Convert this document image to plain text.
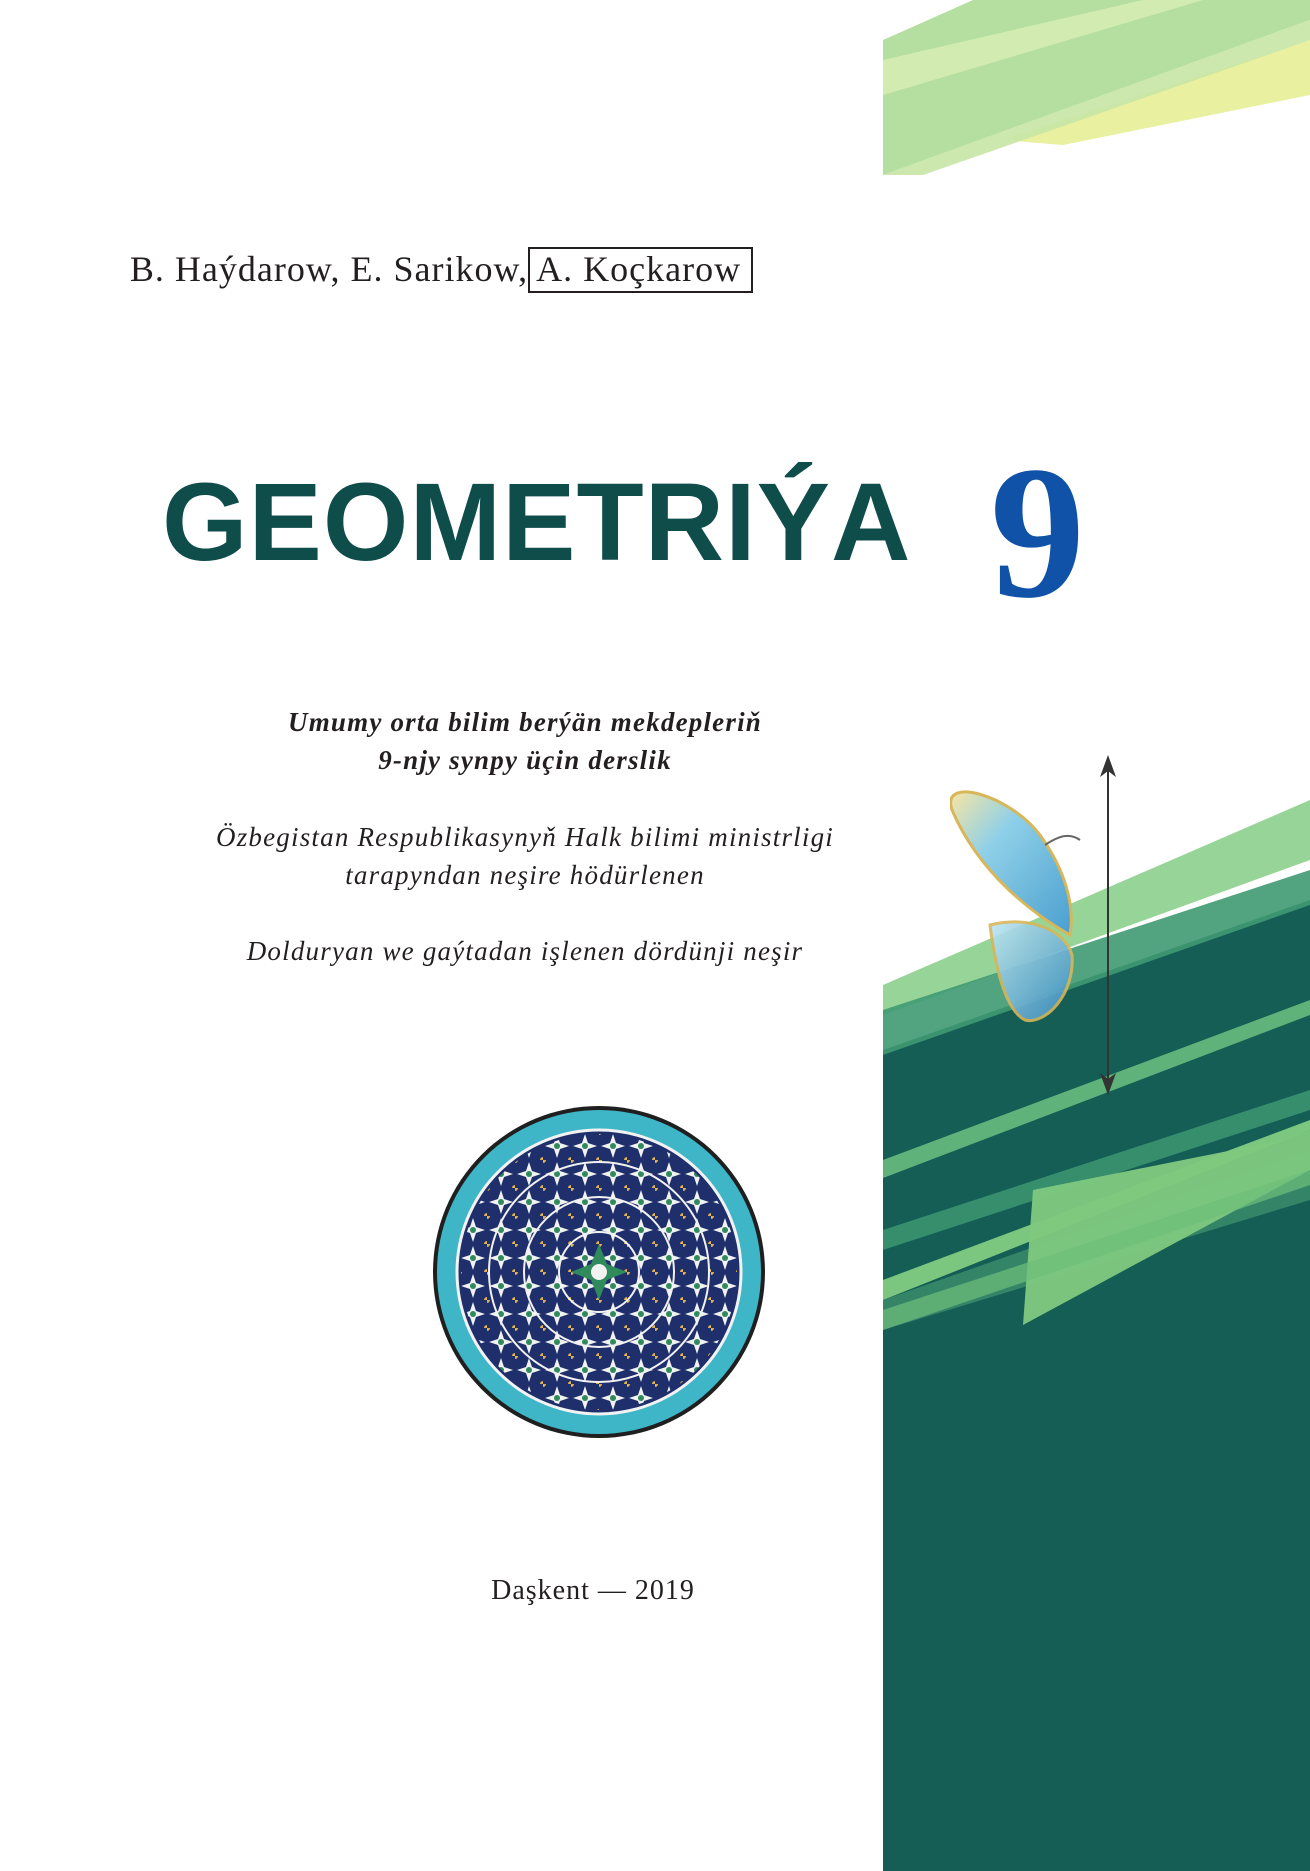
B. Haýdarow, E. Sarikow, A. Koçkarow
GEOMETRIÝA 9
Umumy orta bilim berýän mekdepleriň
9-njy synpy üçin derslik
Özbegistan Respublikasynyň Halk bilimi ministrligi
tarapyndan neşire hödürlenen
Dolduryan we gaýtadan işlenen dördünji neşir
Daşkent — 2019
